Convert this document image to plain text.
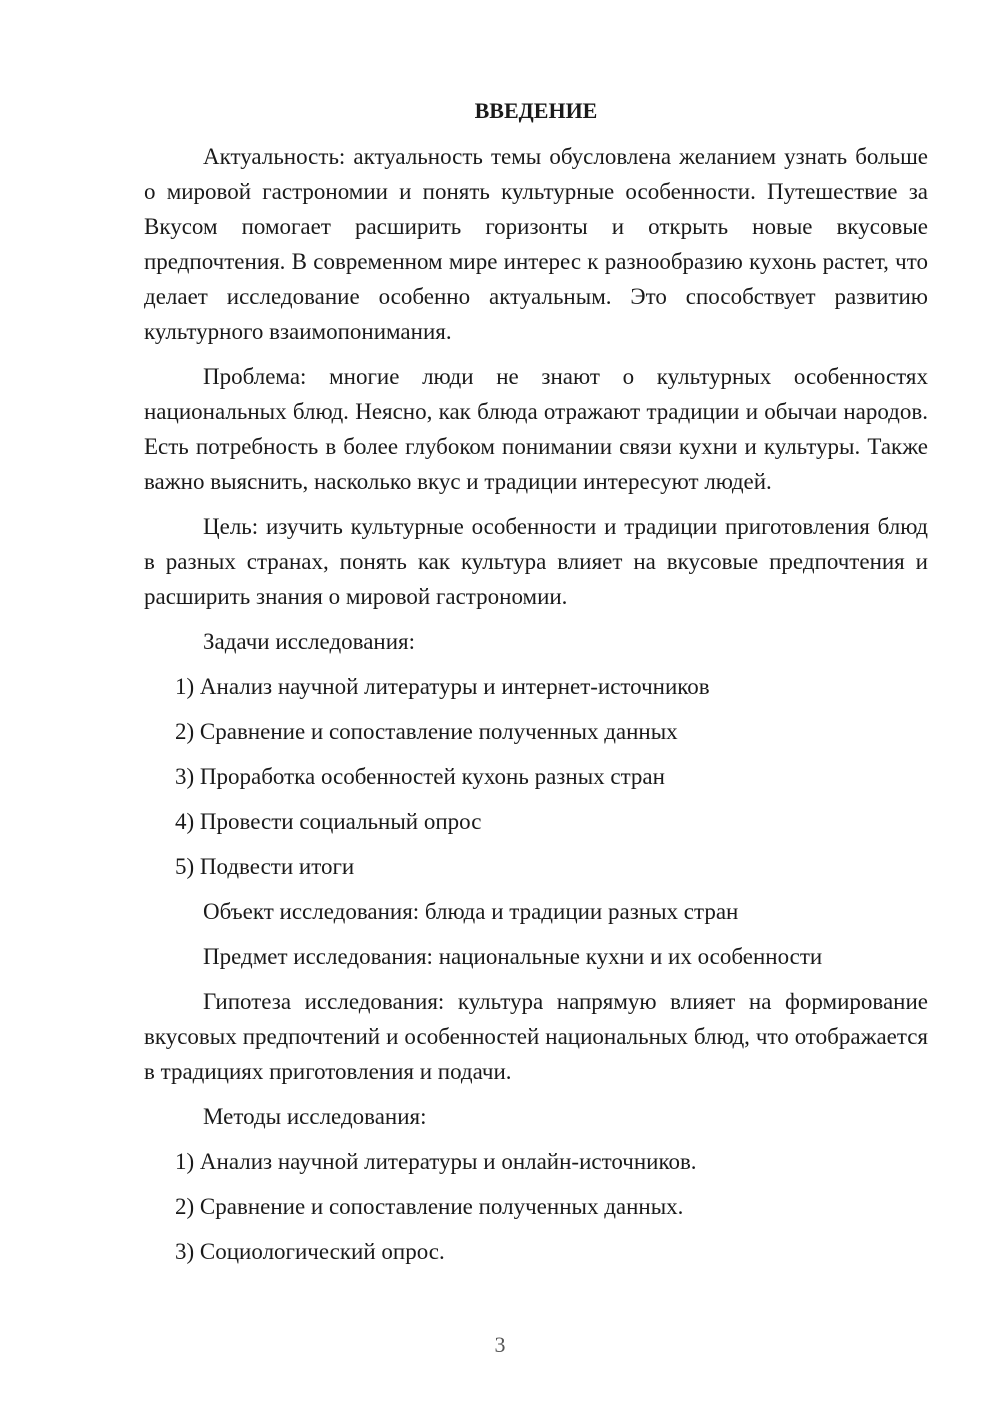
ВВЕДЕНИЕ

Актуальность: актуальность темы обусловлена желанием узнать больше о мировой гастрономии и понять культурные особенности. Путешествие за Вкусом помогает расширить горизонты и открыть новые вкусовые предпочтения. В современном мире интерес к разнообразию кухонь растет, что делает исследование особенно актуальным. Это способствует развитию культурного взаимопонимания.

Проблема: многие люди не знают о культурных особенностях национальных блюд. Неясно, как блюда отражают традиции и обычаи народов. Есть потребность в более глубоком понимании связи кухни и культуры. Также важно выяснить, насколько вкус и традиции интересуют людей.

Цель: изучить культурные особенности и традиции приготовления блюд в разных странах, понять как культура влияет на вкусовые предпочтения и расширить знания о мировой гастрономии.

Задачи исследования:

1) Анализ научной литературы и интернет-источников

2) Сравнение и сопоставление полученных данных

3) Проработка особенностей кухонь разных стран

4) Провести социальный опрос

5) Подвести итоги

Объект исследования: блюда и традиции разных стран

Предмет исследования: национальные кухни и их особенности

Гипотеза исследования: культура напрямую влияет на формирование вкусовых предпочтений и особенностей национальных блюд, что отображается в традициях приготовления и подачи.

Методы исследования:

1) Анализ научной литературы и онлайн-источников.

2) Сравнение и сопоставление полученных данных.

3) Социологический опрос.

3
